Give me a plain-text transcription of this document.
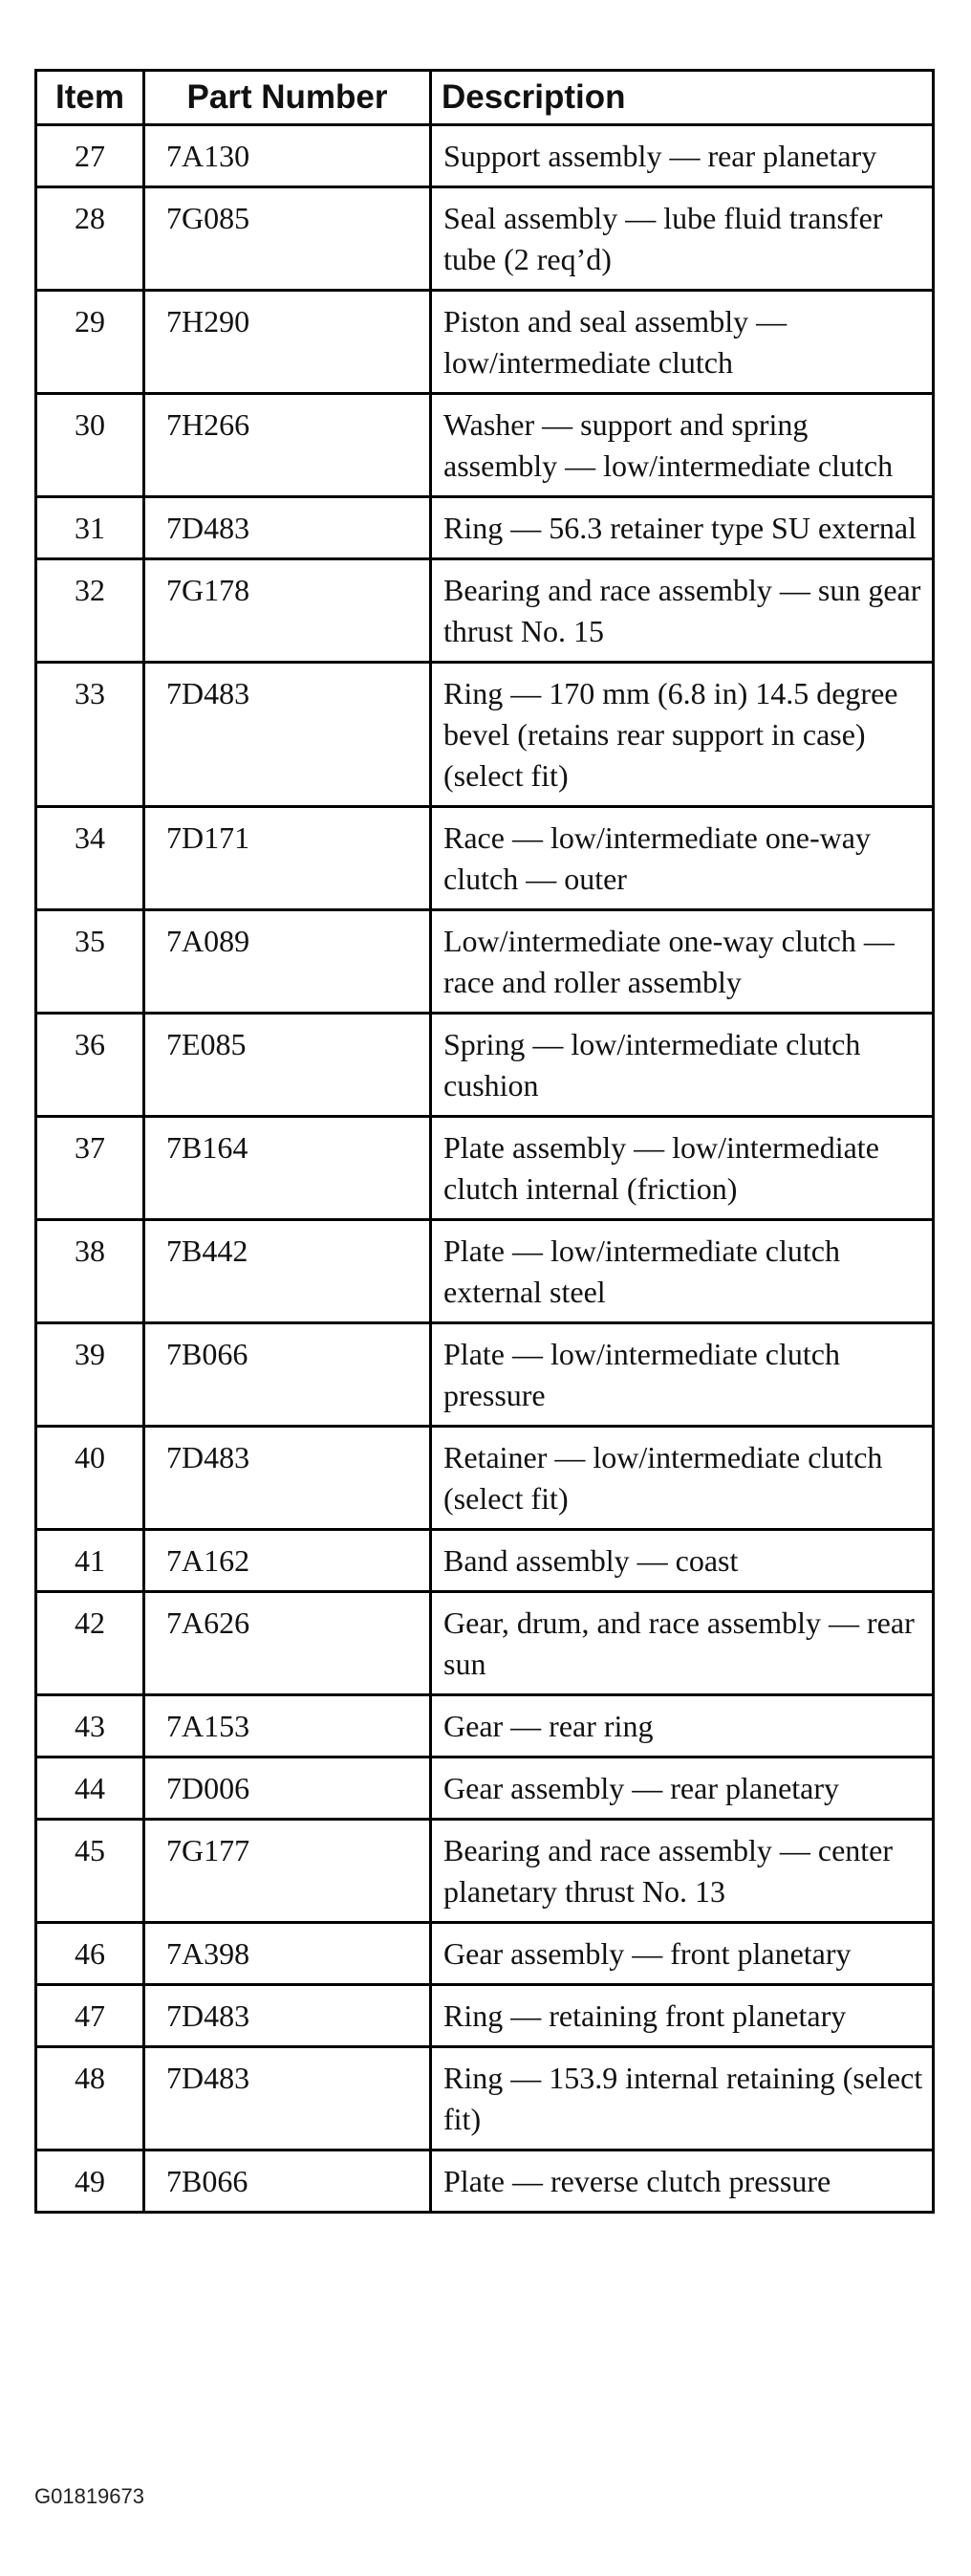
Item	Part Number	Description
27	7A130	Support assembly — rear planetary
28	7G085	Seal assembly — lube fluid transfer tube (2 req’d)
29	7H290	Piston and seal assembly — low/intermediate clutch
30	7H266	Washer — support and spring assembly — low/intermediate clutch
31	7D483	Ring — 56.3 retainer type SU external
32	7G178	Bearing and race assembly — sun gear thrust No. 15
33	7D483	Ring — 170 mm (6.8 in) 14.5 degree bevel (retains rear support in case) (select fit)
34	7D171	Race — low/intermediate one-way clutch — outer
35	7A089	Low/intermediate one-way clutch — race and roller assembly
36	7E085	Spring — low/intermediate clutch cushion
37	7B164	Plate assembly — low/intermediate clutch internal (friction)
38	7B442	Plate — low/intermediate clutch external steel
39	7B066	Plate — low/intermediate clutch pressure
40	7D483	Retainer — low/intermediate clutch (select fit)
41	7A162	Band assembly — coast
42	7A626	Gear, drum, and race assembly — rear sun
43	7A153	Gear — rear ring
44	7D006	Gear assembly — rear planetary
45	7G177	Bearing and race assembly — center planetary thrust No. 13
46	7A398	Gear assembly — front planetary
47	7D483	Ring — retaining front planetary
48	7D483	Ring — 153.9 internal retaining (select fit)
49	7B066	Plate — reverse clutch pressure
G01819673
